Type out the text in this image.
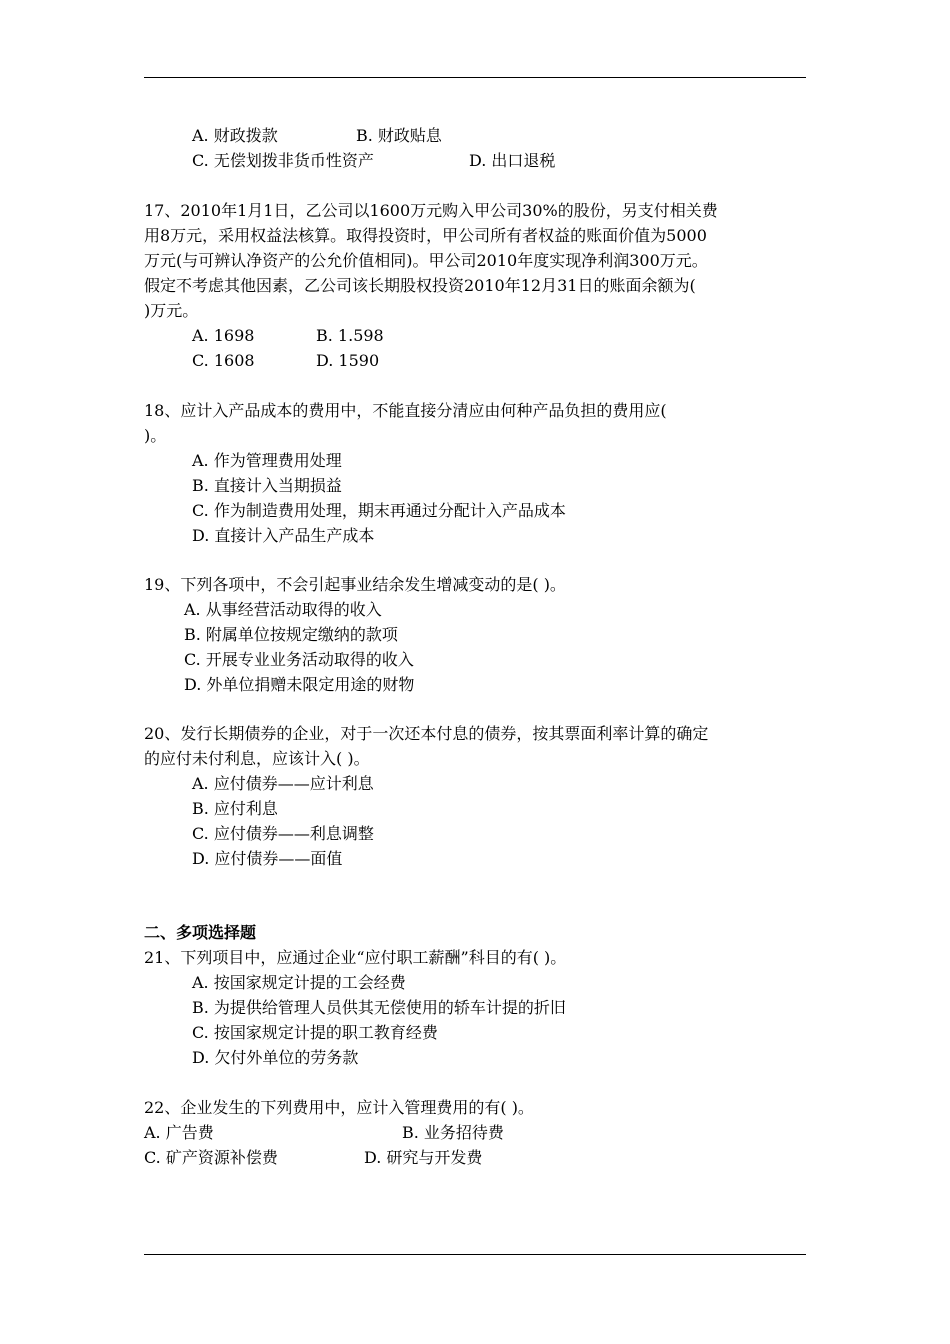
A. 财政拨款	B. 财政贴息
C. 无偿划拨非货币性资产	D. 出口退税
17、2010年1月1日，乙公司以1600万元购入甲公司30%的股份，另支付相关费
用8万元，采用权益法核算。取得投资时，甲公司所有者权益的账面价值为5000
万元(与可辨认净资产的公允价值相同)。甲公司2010年度实现净利润300万元。
假定不考虑其他因素，乙公司该长期股权投资2010年12月31日的账面余额为(
)万元。
A. 1698	B. 1.598
C. 1608	D. 1590
18、应计入产品成本的费用中，不能直接分清应由何种产品负担的费用应(
)。
A. 作为管理费用处理
B. 直接计入当期损益
C. 作为制造费用处理，期末再通过分配计入产品成本
D. 直接计入产品生产成本
19、下列各项中，不会引起事业结余发生增减变动的是( )。
A. 从事经营活动取得的收入
B. 附属单位按规定缴纳的款项
C. 开展专业业务活动取得的收入
D. 外单位捐赠未限定用途的财物
20、发行长期债券的企业，对于一次还本付息的债券，按其票面利率计算的确定
的应付未付利息，应该计入( )。
A. 应付债券——应计利息
B. 应付利息
C. 应付债券——利息调整
D. 应付债券——面值
二、多项选择题
21、下列项目中，应通过企业“应付职工薪酬”科目的有( )。
A. 按国家规定计提的工会经费
B. 为提供给管理人员供其无偿使用的轿车计提的折旧
C. 按国家规定计提的职工教育经费
D. 欠付外单位的劳务款
22、企业发生的下列费用中，应计入管理费用的有( )。
A. 广告费	B. 业务招待费
C. 矿产资源补偿费	D. 研究与开发费
